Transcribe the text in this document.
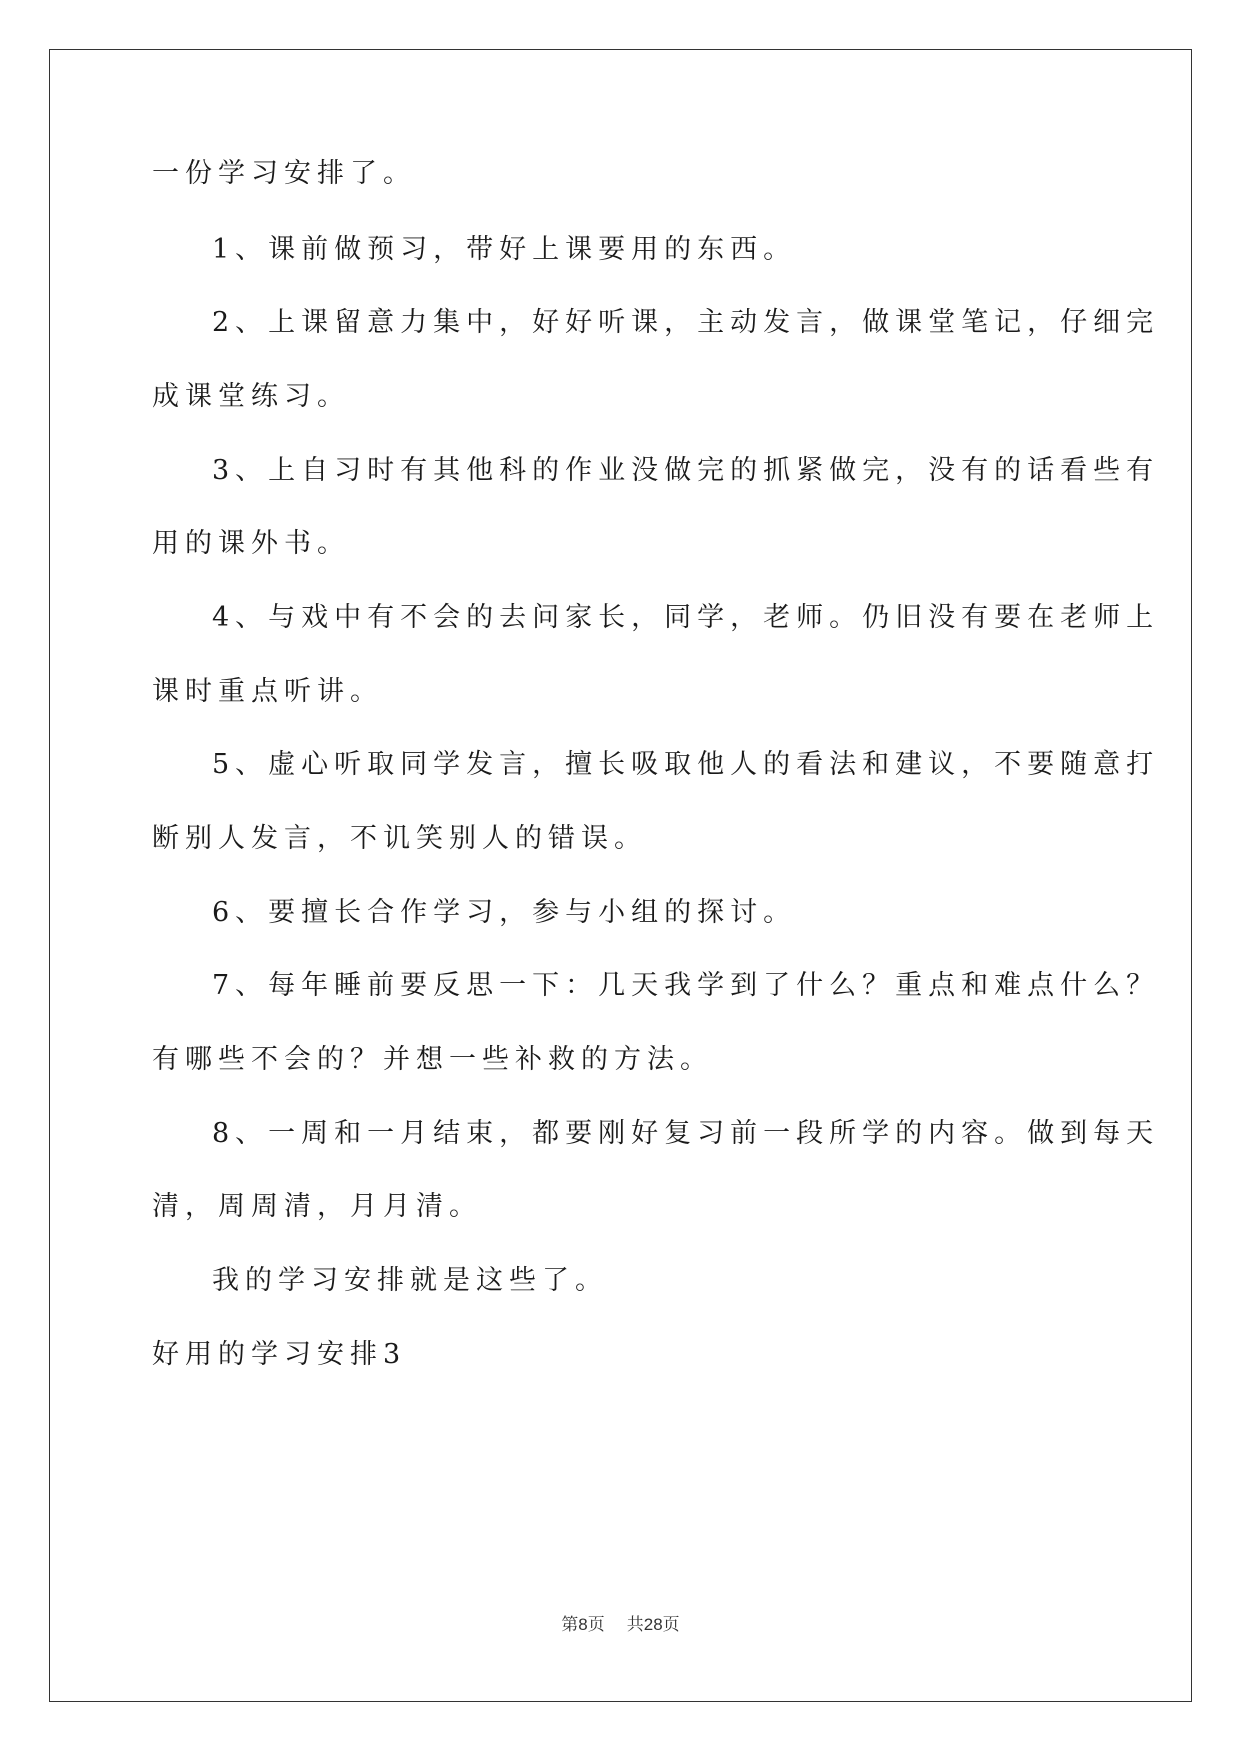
一份学习安排了。
1、课前做预习，带好上课要用的东西。
2、上课留意力集中，好好听课，主动发言，做课堂笔记，仔细完
成课堂练习。
3、上自习时有其他科的作业没做完的抓紧做完，没有的话看些有
用的课外书。
4、与戏中有不会的去问家长，同学，老师。仍旧没有要在老师上
课时重点听讲。
5、虚心听取同学发言，擅长吸取他人的看法和建议，不要随意打
断别人发言，不讥笑别人的错误。
6、要擅长合作学习，参与小组的探讨。
7、每年睡前要反思一下：几天我学到了什么？重点和难点什么？
有哪些不会的？并想一些补救的方法。
8、一周和一月结束，都要刚好复习前一段所学的内容。做到每天
清，周周清，月月清。
我的学习安排就是这些了。
好用的学习安排3
第8页 共28页
